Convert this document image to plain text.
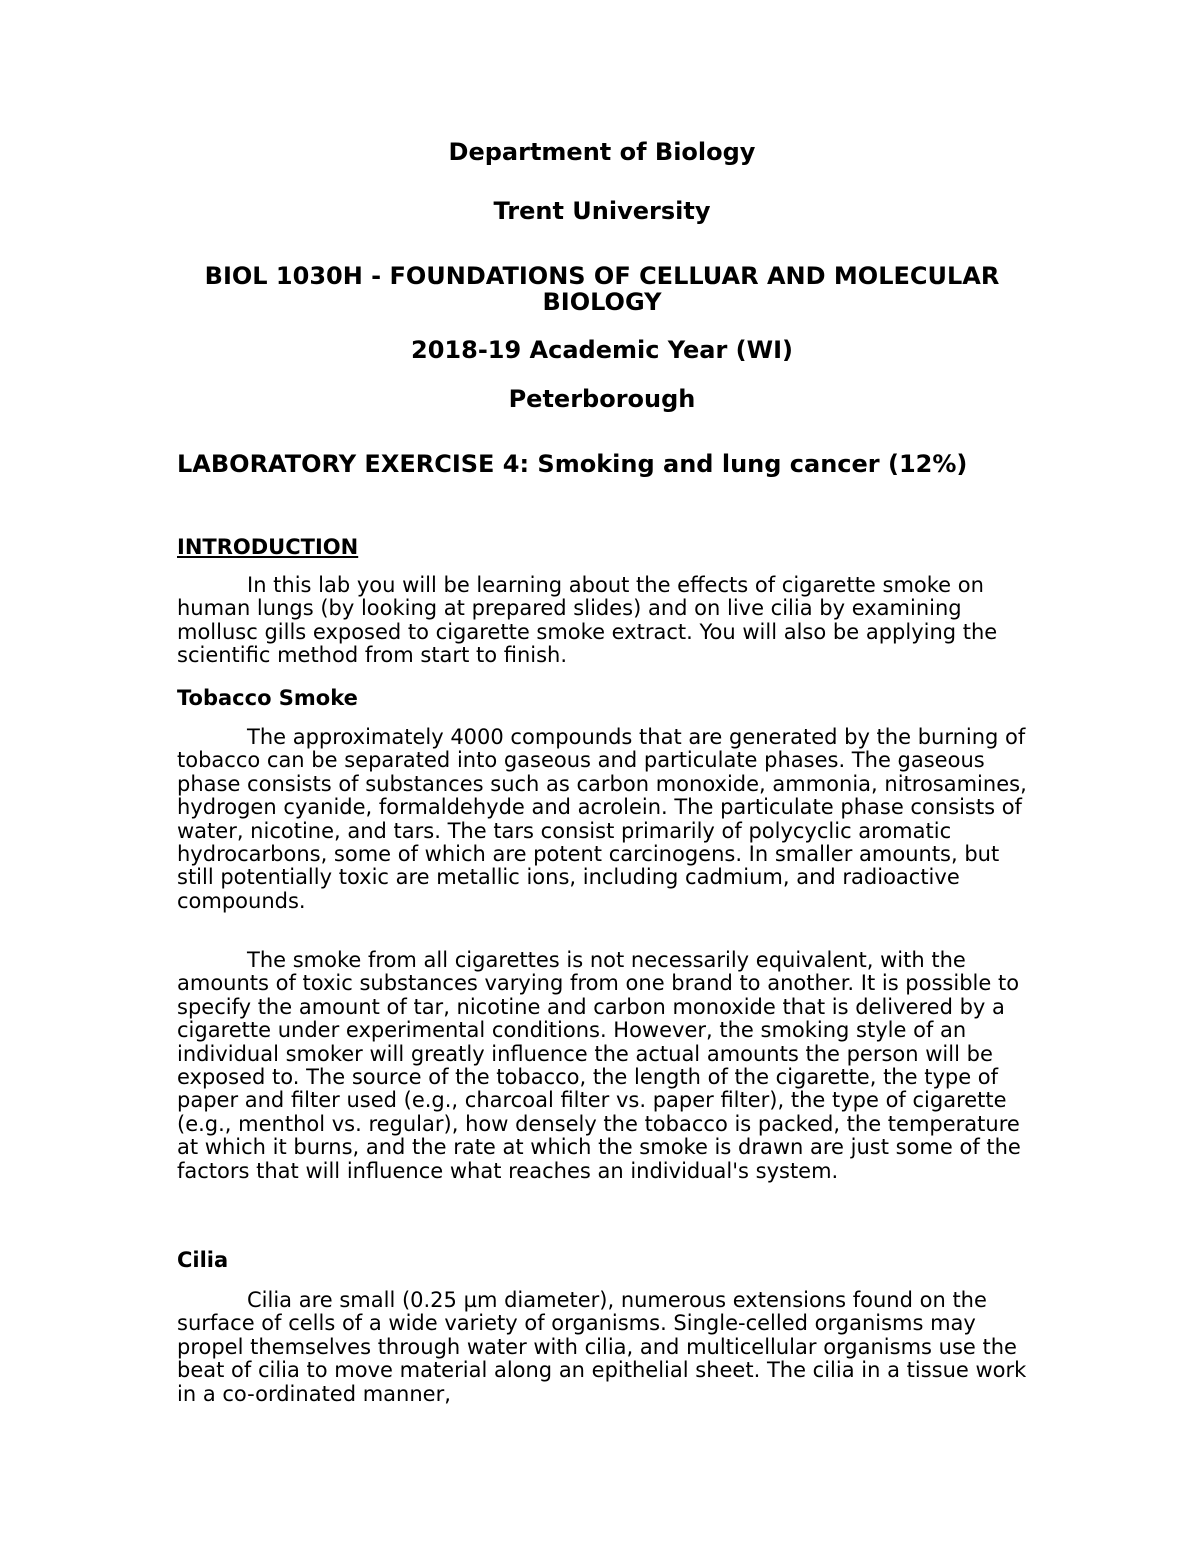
Department of Biology

Trent University

BIOL 1030H - FOUNDATIONS OF CELLUAR AND MOLECULAR BIOLOGY

2018-19 Academic Year (WI)

Peterborough

LABORATORY EXERCISE 4: Smoking and lung cancer (12%)

INTRODUCTION

In this lab you will be learning about the effects of cigarette smoke on human lungs (by looking at prepared slides) and on live cilia by examining mollusc gills exposed to cigarette smoke extract. You will also be applying the scientific method from start to finish.

Tobacco Smoke

The approximately 4000 compounds that are generated by the burning of tobacco can be separated into gaseous and particulate phases. The gaseous phase consists of substances such as carbon monoxide, ammonia, nitrosamines, hydrogen cyanide, formaldehyde and acrolein. The particulate phase consists of water, nicotine, and tars. The tars consist primarily of polycyclic aromatic hydrocarbons, some of which are potent carcinogens. In smaller amounts, but still potentially toxic are metallic ions, including cadmium, and radioactive compounds.

The smoke from all cigarettes is not necessarily equivalent, with the amounts of toxic substances varying from one brand to another. It is possible to specify the amount of tar, nicotine and carbon monoxide that is delivered by a cigarette under experimental conditions. However, the smoking style of an individual smoker will greatly influence the actual amounts the person will be exposed to. The source of the tobacco, the length of the cigarette, the type of paper and filter used (e.g., charcoal filter vs. paper filter), the type of cigarette (e.g., menthol vs. regular), how densely the tobacco is packed, the temperature at which it burns, and the rate at which the smoke is drawn are just some of the factors that will influence what reaches an individual's system.

Cilia

Cilia are small (0.25 µm diameter), numerous extensions found on the surface of cells of a wide variety of organisms. Single-celled organisms may propel themselves through water with cilia, and multicellular organisms use the beat of cilia to move material along an epithelial sheet. The cilia in a tissue work in a co-ordinated manner,
